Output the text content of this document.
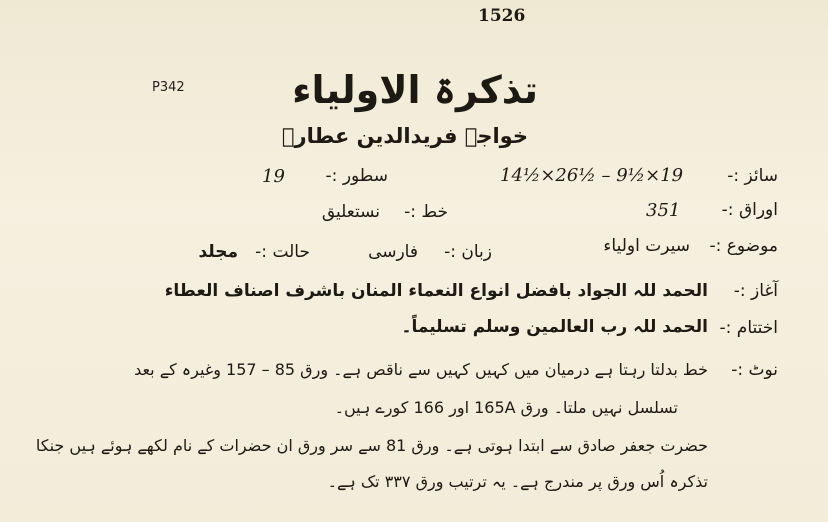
1526
P342	تذکرۃ الاولیاء
خواجہ فریدالدین عطارؒ
سائز :-
14½×26½ – 9½×19
سطور :-
19
اوراق :-
351
خط :-
نستعلیق
موضوع :-
سیرت اولیاء
زبان :-
فارسی
حالت :-
مجلد
آغاز :-
الحمد للہ الجواد بافضل انواع النعماء المنان باشرف اصناف العطاء
اختتام :-
الحمد للہ رب العالمین وسلم تسلیماً۔
نوٹ :-
خط بدلتا رہتا ہے درمیان میں کہیں کہیں سے ناقص ہے۔ ورق 85 – 157 وغیرہ کے بعد
تسلسل نہیں ملتا۔ ورق 165A اور 166 کورے ہیں۔
حضرت جعفر صادق سے ابتدا ہوتی ہے۔ ورق 81 سے سر ورق ان حضرات کے نام لکھے ہوئے ہیں جنکا
تذکرہ اُس ورق پر مندرج ہے۔ یہ ترتیب ورق ۳۳۷ تک ہے۔
